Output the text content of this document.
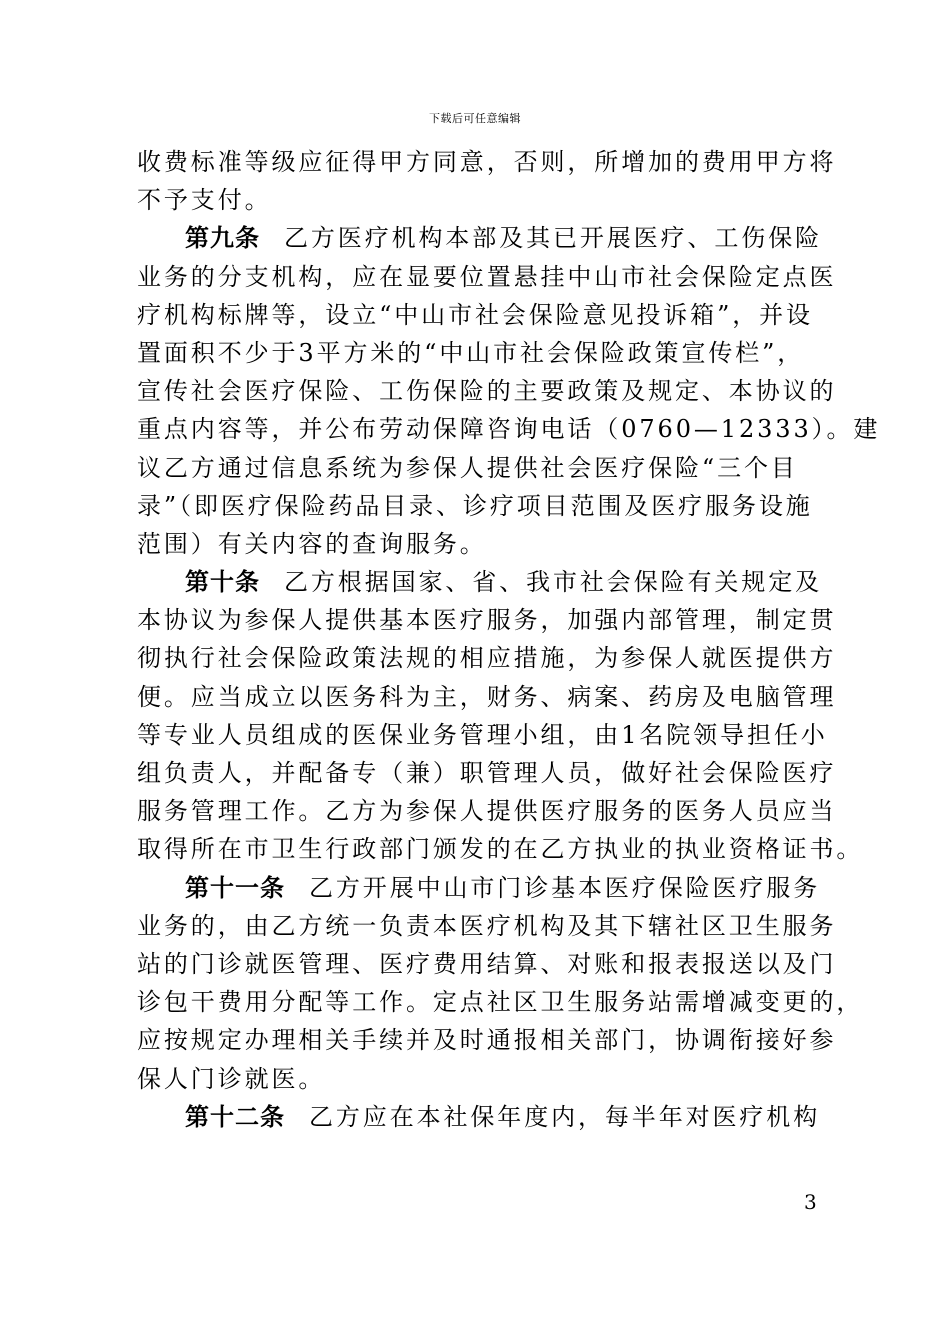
下载后可任意编辑
收费标准等级应征得甲方同意，否则，所增加的费用甲方将
不予支付。
第九条 乙方医疗机构本部及其已开展医疗、工伤保险
业务的分支机构，应在显要位置悬挂中山市社会保险定点医
疗机构标牌等，设立“中山市社会保险意见投诉箱”，并设
置面积不少于3平方米的“中山市社会保险政策宣传栏”，
宣传社会医疗保险、工伤保险的主要政策及规定、本协议的
重点内容等，并公布劳动保障咨询电话（0760—12333）。建
议乙方通过信息系统为参保人提供社会医疗保险“三个目
录”（即医疗保险药品目录、诊疗项目范围及医疗服务设施
范围）有关内容的查询服务。
第十条 乙方根据国家、省、我市社会保险有关规定及
本协议为参保人提供基本医疗服务，加强内部管理，制定贯
彻执行社会保险政策法规的相应措施，为参保人就医提供方
便。应当成立以医务科为主，财务、病案、药房及电脑管理
等专业人员组成的医保业务管理小组，由1名院领导担任小
组负责人，并配备专（兼）职管理人员，做好社会保险医疗
服务管理工作。乙方为参保人提供医疗服务的医务人员应当
取得所在市卫生行政部门颁发的在乙方执业的执业资格证书。
第十一条 乙方开展中山市门诊基本医疗保险医疗服务
业务的，由乙方统一负责本医疗机构及其下辖社区卫生服务
站的门诊就医管理、医疗费用结算、对账和报表报送以及门
诊包干费用分配等工作。定点社区卫生服务站需增减变更的，
应按规定办理相关手续并及时通报相关部门，协调衔接好参
保人门诊就医。
第十二条 乙方应在本社保年度内，每半年对医疗机构
3
